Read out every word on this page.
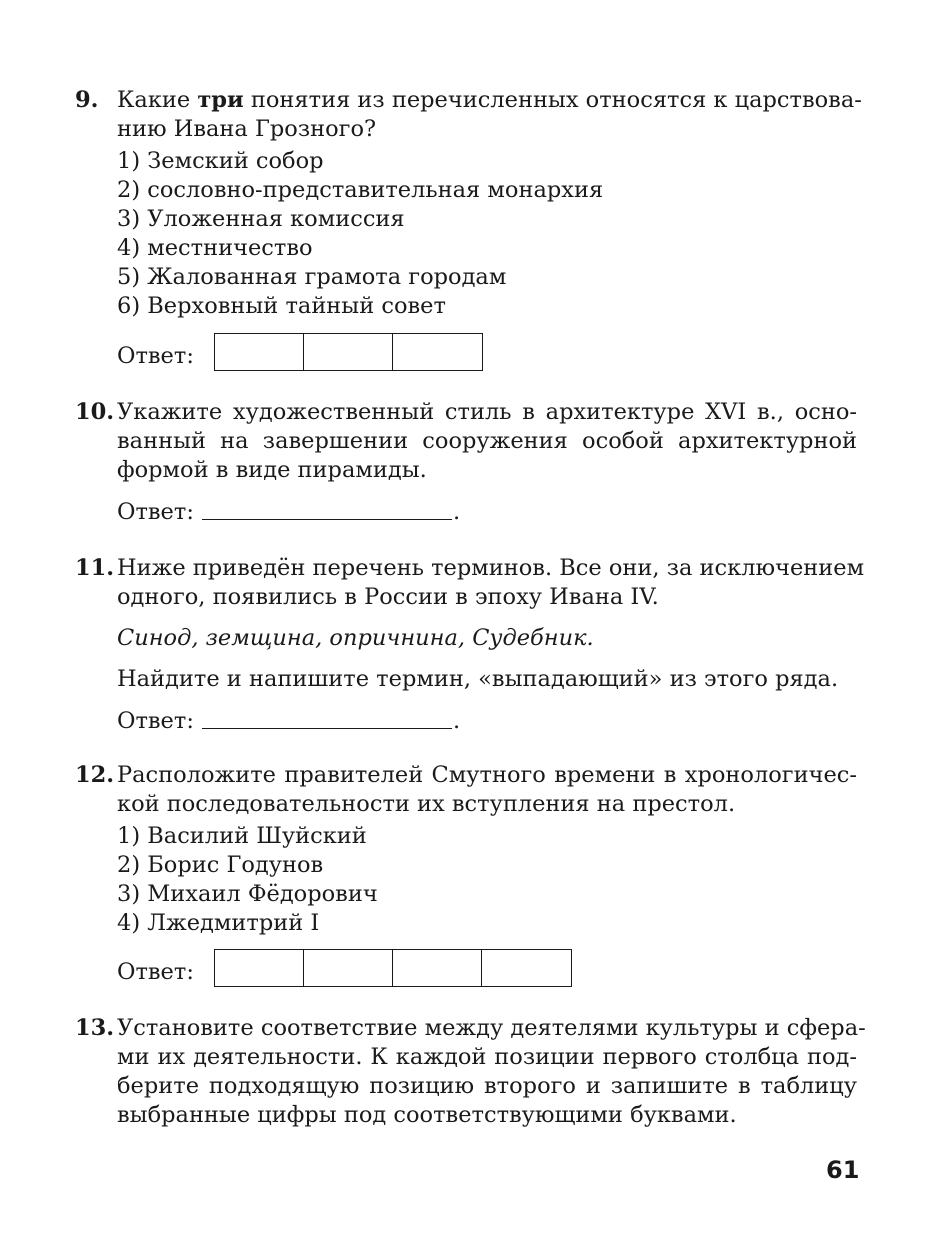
9. Какие три понятия из перечисленных относятся к царствова-
нию Ивана Грозного?
1) Земский собор
2) сословно-представительная монархия
3) Уложенная комиссия
4) местничество
5) Жалованная грамота городам
6) Верховный тайный совет
Ответ:
10. Укажите художественный стиль в архитектуре XVI в., осно-
ванный на завершении сооружения особой архитектурной
формой в виде пирамиды.
Ответ:	.
11. Ниже приведён перечень терминов. Все они, за исключением
одного, появились в России в эпоху Ивана IV.
Синод, земщина, опричнина, Судебник.
Найдите и напишите термин, «выпадающий» из этого ряда.
Ответ:	.
12. Расположите правителей Смутного времени в хронологичес-
кой последовательности их вступления на престол.
1) Василий Шуйский
2) Борис Годунов
3) Михаил Фёдорович
4) Лжедмитрий I
Ответ:
13. Установите соответствие между деятелями культуры и сфера-
ми их деятельности. К каждой позиции первого столбца под-
берите подходящую позицию второго и запишите в таблицу
выбранные цифры под соответствующими буквами.
61
